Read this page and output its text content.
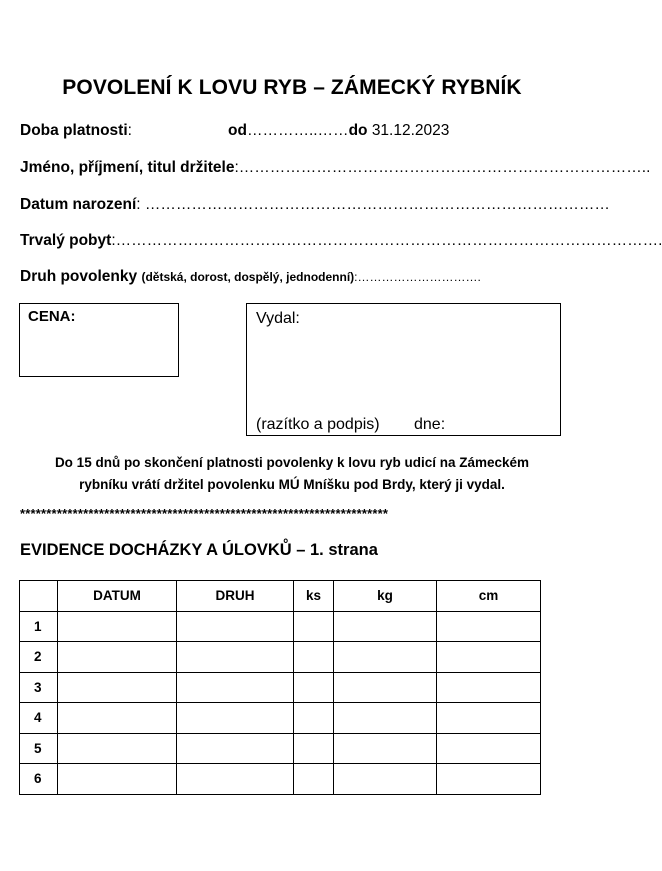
POVOLENÍ K LOVU RYB – ZÁMECKÝ RYBNÍK
Doba platnosti:	od…………..……do 31.12.2023
Jméno, příjmení, titul držitele:……………………………………………………………………..
Datum narození: ………………………………………………………………………………
Trvalý pobyt:…………………………………………………………………………………………….
Druh povolenky (dětská, dorost, dospělý, jednodenní):………………………….
CENA:	Vydal:
(razítko a podpis) dne:
Do 15 dnů po skončení platnosti povolenky k lovu ryb udicí na Zámeckém
rybníku vrátí držitel povolenku MÚ Mníšku pod Brdy, který ji vydal.
**********************************************************************
EVIDENCE DOCHÁZKY A ÚLOVKŮ – 1. strana
	DATUM	DRUH	ks	kg	cm
1					
2					
3					
4					
5					
6					
